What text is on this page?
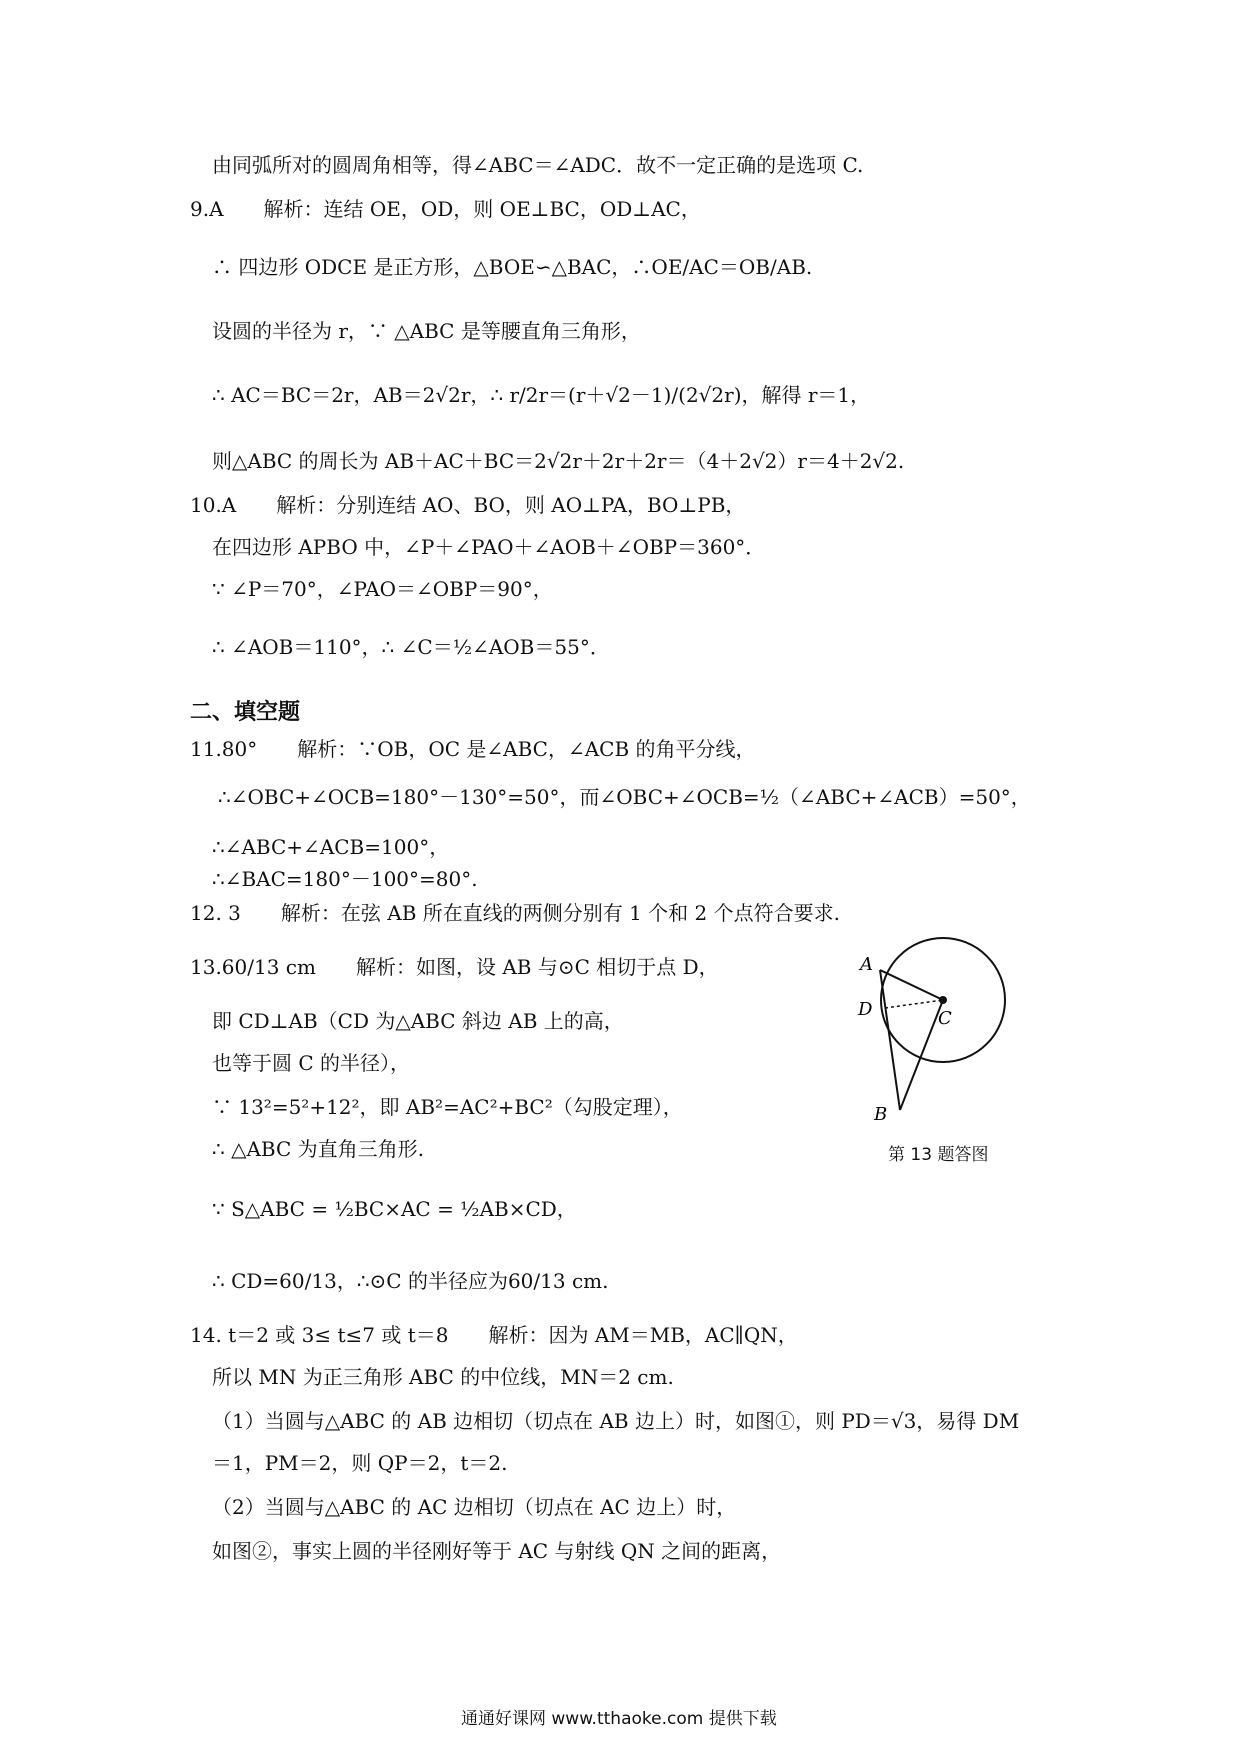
由同弧所对的圆周角相等，得∠ABC＝∠ADC．故不一定正确的是选项 C.
9.A　　解析：连结 OE，OD，则 OE⊥BC，OD⊥AC，
∴ 四边形 ODCE 是正方形，△BOE∽△BAC，∴OE/AC＝OB/AB.
设圆的半径为 r，∵ △ABC 是等腰直角三角形，
∴ AC＝BC＝2r，AB＝2√2r，∴ r/2r＝(r＋√2－1)/(2√2r)，解得 r＝1，
则△ABC 的周长为 AB＋AC＋BC＝2√2r＋2r＋2r＝（4＋2√2）r＝4＋2√2.
10.A　　解析：分别连结 AO、BO，则 AO⊥PA，BO⊥PB，
在四边形 APBO 中，∠P＋∠PAO＋∠AOB＋∠OBP＝360°．
∵ ∠P＝70°，∠PAO＝∠OBP＝90°，
∴ ∠AOB＝110°，∴ ∠C＝½∠AOB＝55°．
二、填空题
11.80°　　解析：∵OB，OC 是∠ABC，∠ACB 的角平分线，
∴∠OBC+∠OCB=180°－130°=50°，而∠OBC+∠OCB=½（∠ABC+∠ACB）=50°，
∴∠ABC+∠ACB=100°，
∴∠BAC=180°－100°=80°.
12. 3　　解析：在弦 AB 所在直线的两侧分别有 1 个和 2 个点符合要求.
13.60/13 cm　　解析：如图，设 AB 与⊙C 相切于点 D，
即 CD⊥AB（CD 为△ABC 斜边 AB 上的高，
也等于圆 C 的半径），
∵ 13²=5²+12²，即 AB²=AC²+BC²（勾股定理），
∴ △ABC 为直角三角形.
∵ S△ABC = ½BC×AC = ½AB×CD，
∴ CD=60/13，∴⊙C 的半径应为60/13 cm.
14. t＝2 或 3≤ t≤7 或 t＝8　　解析：因为 AM＝MB，AC∥QN，
所以 MN 为正三角形 ABC 的中位线，MN＝2 cm.
（1）当圆与△ABC 的 AB 边相切（切点在 AB 边上）时，如图①，则 PD＝√3，易得 DM
＝1，PM＝2，则 QP＝2，t＝2.
（2）当圆与△ABC 的 AC 边相切（切点在 AC 边上）时，
如图②，事实上圆的半径刚好等于 AC 与射线 QN 之间的距离，
A
D	C
B
第 13 题答图
通通好课网 www.tthaoke.com 提供下载
